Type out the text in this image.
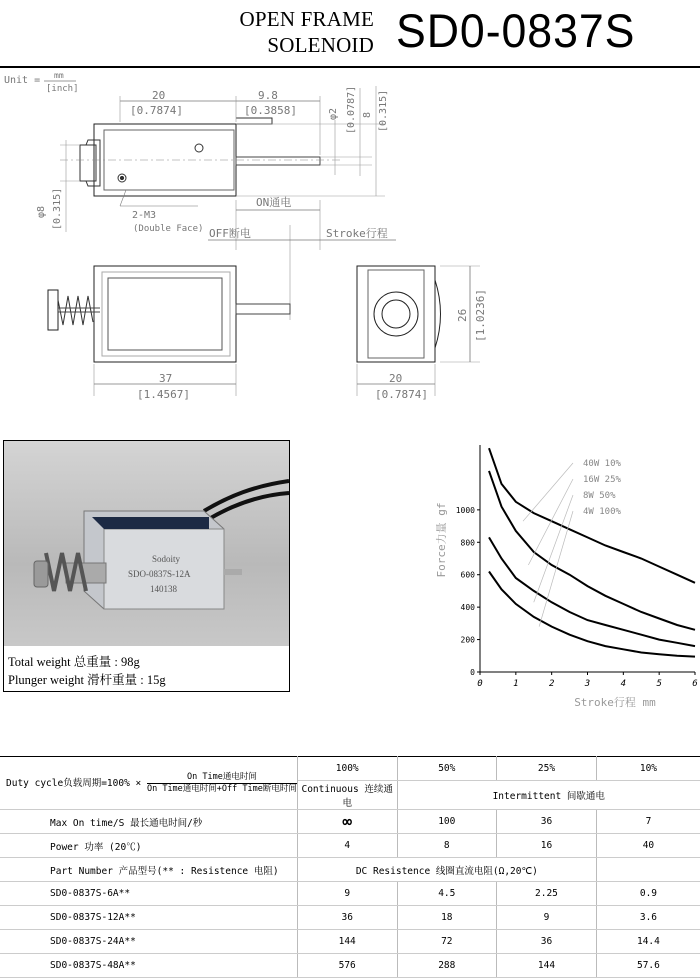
OPEN FRAME
SOLENOID SD0-0837S
Unit = mm
[inch]	20
[0.7874]
9.8
[0.3858]	φ2 [0.0787] 8 [0.315]
φ8 [0.315]	2-M3
(Double Face)
ON通电
OFF断电	Stroke行程
37
[1.4567]
20
[0.7874]
26 [1.0236]
Sodoity
SDO-0837S-12A
140138
Total weight 总重量 : 98g
Plunger weight 滑杆重量 : 15g	0	1	2	3	4	5	6
0
200
400
600
800
1000
40W 10%
16W 25%
8W 50%
4W 100%
Force力量 gf
Stroke行程 mm
Duty cycle负载周期$=100\% \times \frac{\text{On Time通电时间}}{\text{On Time通电时间+Off Time断电时间}}$	100%	50%	25%	10%
	Continuous 连续通电	Intermittent 间歇通电		
Max On time/S 最长通电时间/秒	∞	100	36	7
Power 功率 (20℃)	4	8	16	40
Part Number 产品型号(** : Resistence 电阻)	DC Resistence 线圈直流电阻(Ω,20℃)			
SD0-0837S-6A**	9	4.5	2.25	0.9
SD0-0837S-12A**	36	18	9	3.6
SD0-0837S-24A**	144	72	36	14.4
SD0-0837S-48A**	576	288	144	57.6
